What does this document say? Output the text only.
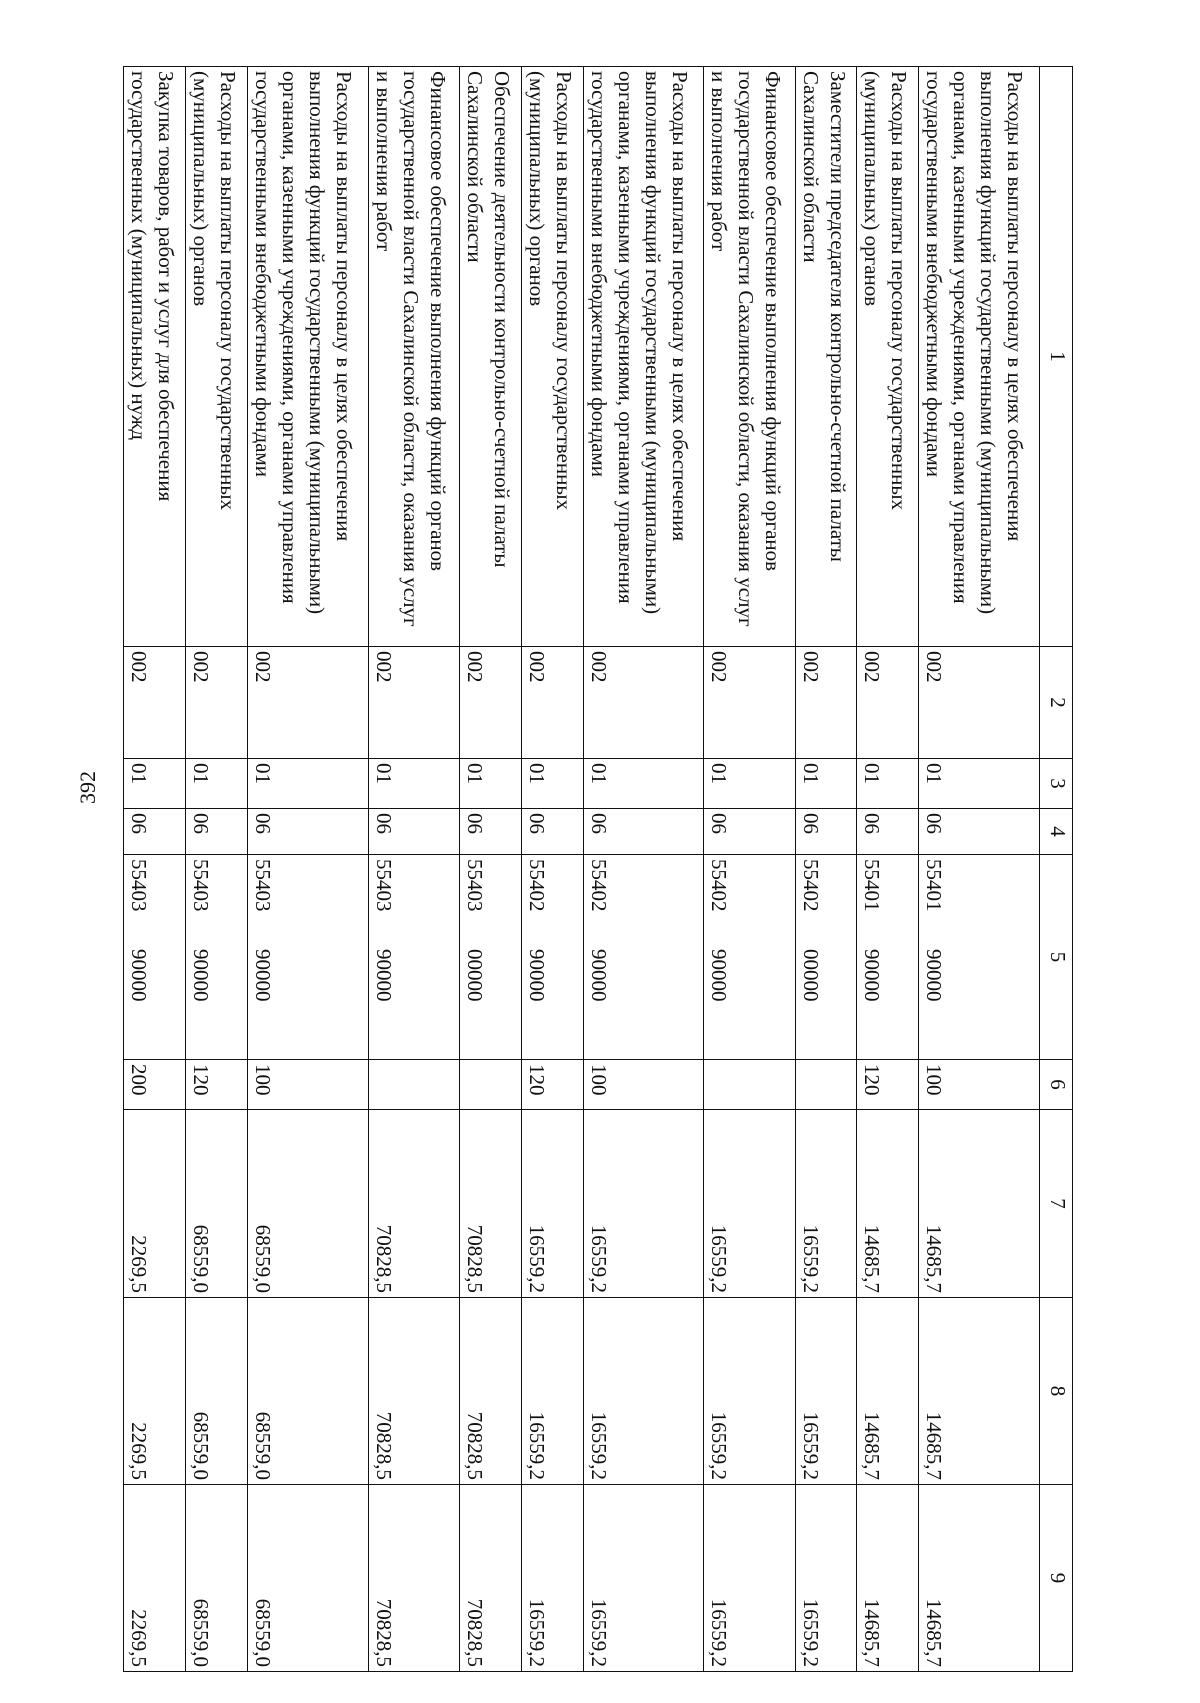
392
1	2	3	4	5	6	7	8	9
Расходы на выплаты персоналу в целях обеспечения выполнения функций государственными (муниципальными) органами, казенными учреждениями, органами управления государственными внебюджетными фондами	002	01	06	5540190000	100	14685,7	14685,7	14685,7
Расходы на выплаты персоналу государственных (муниципальных) органов	002	01	06	5540190000	120	14685,7	14685,7	14685,7
Заместители председателя контрольно-счетной палаты Сахалинской области	002	01	06	5540200000		16559,2	16559,2	16559,2
Финансовое обеспечение выполнения функций органов государственной власти Сахалинской области, оказания услуг и выполнения работ	002	01	06	5540290000		16559,2	16559,2	16559,2
Расходы на выплаты персоналу в целях обеспечения выполнения функций государственными (муниципальными) органами, казенными учреждениями, органами управления государственными внебюджетными фондами	002	01	06	5540290000	100	16559,2	16559,2	16559,2
Расходы на выплаты персоналу государственных (муниципальных) органов	002	01	06	5540290000	120	16559,2	16559,2	16559,2
Обеспечение деятельности контрольно-счетной палаты Сахалинской области	002	01	06	5540300000		70828,5	70828,5	70828,5
Финансовое обеспечение выполнения функций органов государственной власти Сахалинской области, оказания услуг и выполнения работ	002	01	06	5540390000		70828,5	70828,5	70828,5
Расходы на выплаты персоналу в целях обеспечения выполнения функций государственными (муниципальными) органами, казенными учреждениями, органами управления государственными внебюджетными фондами	002	01	06	5540390000	100	68559,0	68559,0	68559,0
Расходы на выплаты персоналу государственных (муниципальных) органов	002	01	06	5540390000	120	68559,0	68559,0	68559,0
Закупка товаров, работ и услуг для обеспечения государственных (муниципальных) нужд	002	01	06	5540390000	200	2269,5	2269,5	2269,5
